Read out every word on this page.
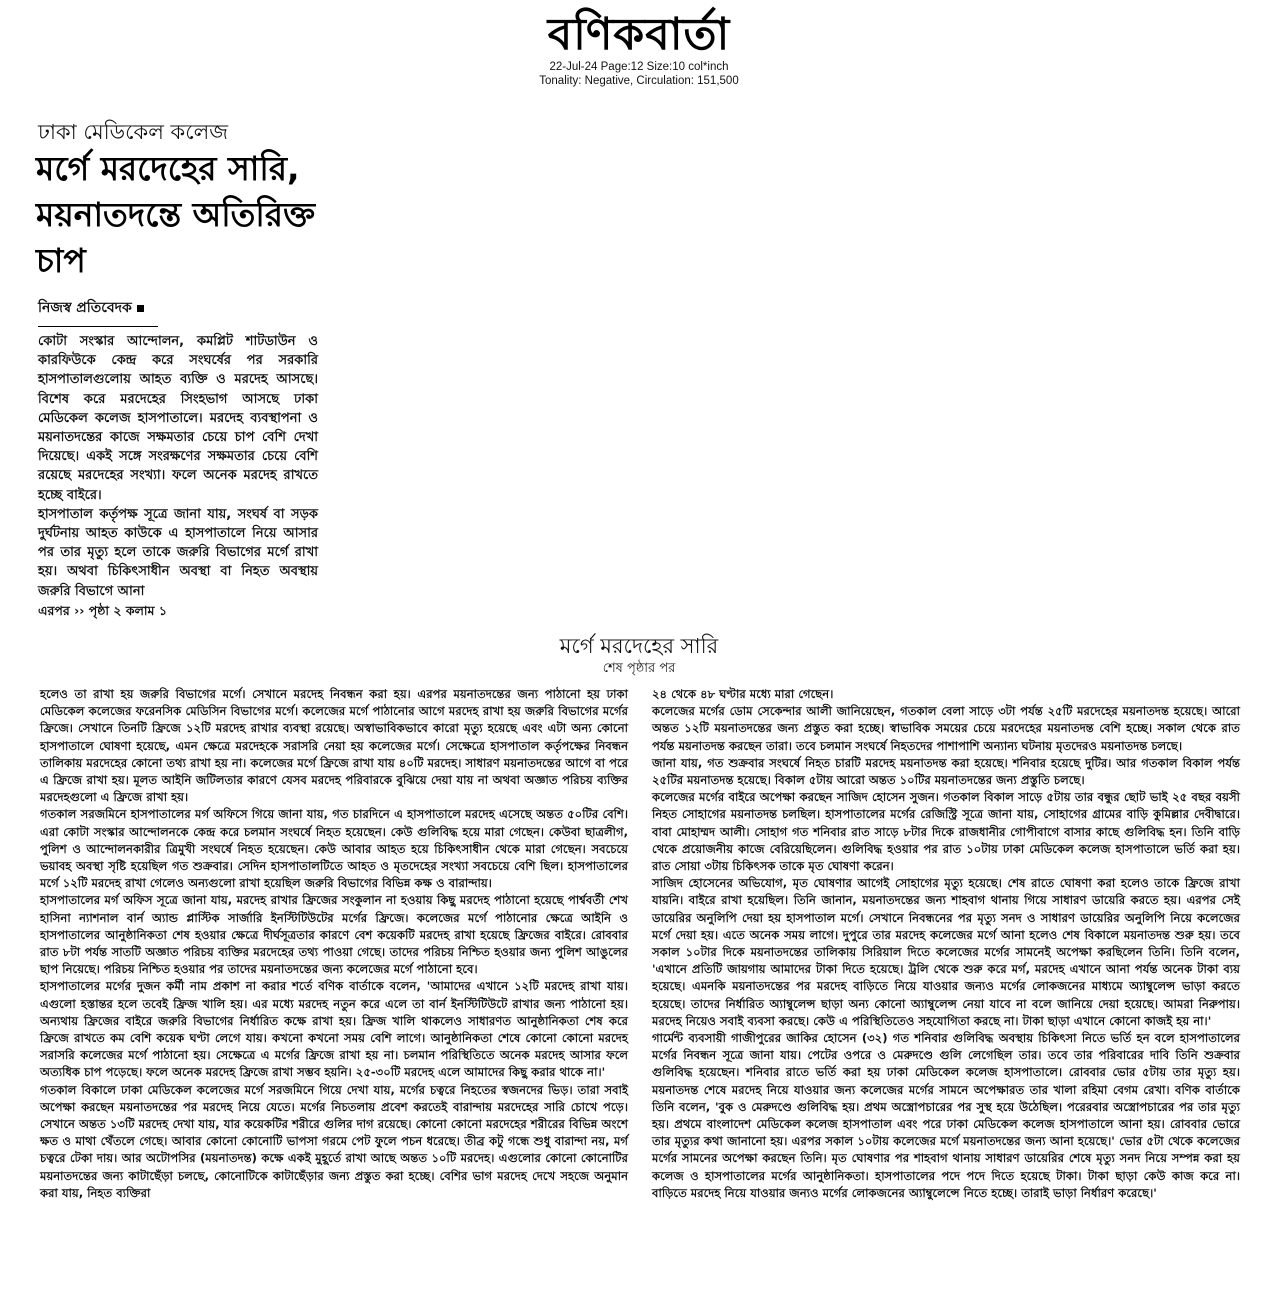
বণিকবার্তা
22-Jul-24 Page:12 Size:10 col*inch
Tonality: Negative, Circulation: 151,500
ঢাকা মেডিকেল কলেজ
মর্গে মরদেহের সারি, ময়নাতদন্তে অতিরিক্ত চাপ
নিজস্ব প্রতিবেদক

কোটা সংস্কার আন্দোলন, কমপ্লিট শাটডাউন ও কারফিউকে কেন্দ্র করে সংঘর্ষের পর সরকারি হাসপাতালগুলোয় আহত ব্যক্তি ও মরদেহ আসছে। বিশেষ করে মরদেহের সিংহভাগ আসছে ঢাকা মেডিকেল কলেজ হাসপাতালে। মরদেহ ব্যবস্থাপনা ও ময়নাতদন্তের কাজে সক্ষমতার চেয়ে চাপ বেশি দেখা দিয়েছে। একই সঙ্গে সংরক্ষণের সক্ষমতার চেয়ে বেশি রয়েছে মরদেহের সংখ্যা। ফলে অনেক মরদেহ রাখতে হচ্ছে বাইরে।

হাসপাতাল কর্তৃপক্ষ সূত্রে জানা যায়, সংঘর্ষ বা সড়ক দুর্ঘটনায় আহত কাউকে এ হাসপাতালে নিয়ে আসার পর তার মৃত্যু হলে তাকে জরুরি বিভাগের মর্গে রাখা হয়। অথবা চিকিৎসাধীন অবস্থা বা নিহত অবস্থায় জরুরি বিভাগে আনা

এরপর ›› পৃষ্ঠা ২ কলাম ১
মর্গে মরদেহের সারি
শেষ পৃষ্ঠার পর

হলেও তা রাখা হয় জরুরি বিভাগের মর্গে। সেখানে মরদেহ নিবন্ধন করা হয়। এরপর ময়নাতদন্তের জন্য পাঠানো হয় ঢাকা মেডিকেল কলেজের ফরেনসিক মেডিসিন বিভাগের মর্গে। কলেজের মর্গে পাঠানোর আগে মরদেহ রাখা হয় জরুরি বিভাগের মর্গের ফ্রিজে। সেখানে তিনটি ফ্রিজে ১২টি মরদেহ রাখার ব্যবস্থা রয়েছে। অস্বাভাবিকভাবে কারো মৃত্যু হয়েছে এবং এটা অন্য কোনো হাসপাতালে ঘোষণা হয়েছে, এমন ক্ষেত্রে মরদেহকে সরাসরি নেয়া হয় কলেজের মর্গে। সেক্ষেত্রে হাসপাতাল কর্তৃপক্ষের নিবন্ধন তালিকায় মরদেহের কোনো তথ্য রাখা হয় না। কলেজের মর্গে ফ্রিজে রাখা যায় ৪০টি মরদেহ। সাধারণ ময়নাতদন্তের আগে বা পরে এ ফ্রিজে রাখা হয়। মূলত আইনি জটিলতার কারণে যেসব মরদেহ পরিবারকে বুঝিয়ে দেয়া যায় না অথবা অজ্ঞাত পরিচয় ব্যক্তির মরদেহগুলো এ ফ্রিজে রাখা হয়।

গতকাল সরজমিনে হাসপাতালের মর্গ অফিসে গিয়ে জানা যায়, গত চারদিনে এ হাসপাতালে মরদেহ এসেছে অন্তত ৫০টির বেশি। এরা কোটা সংস্কার আন্দোলনকে কেন্দ্র করে চলমান সংঘর্ষে নিহত হয়েছেন। কেউ গুলিবিদ্ধ হয়ে মারা গেছেন। কেউবা ছাত্রলীগ, পুলিশ ও আন্দোলনকারীর ত্রিমুখী সংঘর্ষে নিহত হয়েছেন। কেউ আবার আহত হয়ে চিকিৎসাধীন থেকে মারা গেছেন। সবচেয়ে ভয়াবহ অবস্থা সৃষ্টি হয়েছিল গত শুক্রবার। সেদিন হাসপাতালটিতে আহত ও মৃতদেহের সংখ্যা সবচেয়ে বেশি ছিল। হাসপাতালের মর্গে ১২টি মরদেহ রাখা গেলেও অন্যগুলো রাখা হয়েছিল জরুরি বিভাগের বিভিন্ন কক্ষ ও বারান্দায়।

হাসপাতালের মর্গ অফিস সূত্রে জানা যায়, মরদেহ রাখার ফ্রিজের সংকুলান না হওয়ায় কিছু মরদেহ পাঠানো হয়েছে পার্শ্ববর্তী শেখ হাসিনা ন্যাশনাল বার্ন অ্যান্ড প্লাস্টিক সার্জারি ইনস্টিটিউটের মর্গের ফ্রিজে। কলেজের মর্গে পাঠানোর ক্ষেত্রে আইনি ও হাসপাতালের আনুষ্ঠানিকতা শেষ হওয়ার ক্ষেত্রে দীর্ঘসূত্রতার কারণে বেশ কয়েকটি মরদেহ রাখা হয়েছে ফ্রিজের বাইরে। রোববার রাত ৮টা পর্যন্ত সাতটি অজ্ঞাত পরিচয় ব্যক্তির মরদেহের তথ্য পাওয়া গেছে। তাদের পরিচয় নিশ্চিত হওয়ার জন্য পুলিশ আঙুলের ছাপ নিয়েছে। পরিচয় নিশ্চিত হওয়ার পর তাদের ময়নাতদন্তের জন্য কলেজের মর্গে পাঠানো হবে।

হাসপাতালের মর্গের দুজন কর্মী নাম প্রকাশ না করার শর্তে বণিক বার্তাকে বলেন, 'আমাদের এখানে ১২টি মরদেহ রাখা যায়। এগুলো হস্তান্তর হলে তবেই ফ্রিজ খালি হয়। এর মধ্যে মরদেহ নতুন করে এলে তা বার্ন ইনস্টিটিউটে রাখার জন্য পাঠানো হয়। অন্যথায় ফ্রিজের বাইরে জরুরি বিভাগের নির্ধারিত কক্ষে রাখা হয়। ফ্রিজ খালি থাকলেও সাধারণত আনুষ্ঠানিকতা শেষ করে ফ্রিজে রাখতে কম বেশি কয়েক ঘণ্টা লেগে যায়। কখনো কখনো সময় বেশি লাগে। আনুষ্ঠানিকতা শেষে কোনো কোনো মরদেহ সরাসরি কলেজের মর্গে পাঠানো হয়। সেক্ষেত্রে এ মর্গের ফ্রিজে রাখা হয় না। চলমান পরিস্থিতিতে অনেক মরদেহ আসার ফলে অত্যধিক চাপ পড়েছে। ফলে অনেক মরদেহ ফ্রিজে রাখা সম্ভব হয়নি। ২৫-৩০টি মরদেহ এলে আমাদের কিছু করার থাকে না।'

গতকাল বিকালে ঢাকা মেডিকেল কলেজের মর্গে সরজমিনে গিয়ে দেখা যায়, মর্গের চত্বরে নিহতের স্বজনদের ভিড়। তারা সবাই অপেক্ষা করছেন ময়নাতদন্তের পর মরদেহ নিয়ে যেতে। মর্গের নিচতলায় প্রবেশ করতেই বারান্দায় মরদেহের সারি চোখে পড়ে। সেখানে অন্তত ১৩টি মরদেহ দেখা যায়, যার কয়েকটির শরীরে গুলির দাগ রয়েছে। কোনো কোনো মরদেহের শরীরের বিভিন্ন অংশে ক্ষত ও মাথা থেঁতলে গেছে। আবার কোনো কোনোটি ভাপসা গরমে পেট ফুলে পচন ধরেছে। তীব্র কটু গন্ধে শুধু বারান্দা নয়, মর্গ চত্বরে টেকা দায়। আর অটোপসির (ময়নাতদন্ত) কক্ষে একই মুহূর্তে রাখা আছে অন্তত ১০টি মরদেহ। এগুলোর কোনো কোনোটির ময়নাতদন্তের জন্য কাটাছেঁড়া চলছে, কোনোটিকে কাটাছেঁড়ার জন্য প্রস্তুত করা হচ্ছে। বেশির ভাগ মরদেহ দেখে সহজে অনুমান করা যায়, নিহত ব্যক্তিরা

২৪ থেকে ৪৮ ঘণ্টার মধ্যে মারা গেছেন।

কলেজের মর্গের ডোম সেকেন্দার আলী জানিয়েছেন, গতকাল বেলা সাড়ে ৩টা পর্যন্ত ২৫টি মরদেহের ময়নাতদন্ত হয়েছে। আরো অন্তত ১২টি ময়নাতদন্তের জন্য প্রস্তুত করা হচ্ছে। স্বাভাবিক সময়ের চেয়ে মরদেহের ময়নাতদন্ত বেশি হচ্ছে। সকাল থেকে রাত পর্যন্ত ময়নাতদন্ত করছেন তারা। তবে চলমান সংঘর্ষে নিহতদের পাশাপাশি অন্যান্য ঘটনায় মৃতদেরও ময়নাতদন্ত চলছে।

জানা যায়, গত শুক্রবার সংঘর্ষে নিহত চারটি মরদেহ ময়নাতদন্ত করা হয়েছে। শনিবার হয়েছে দুটির। আর গতকাল বিকাল পর্যন্ত ২৫টির ময়নাতদন্ত হয়েছে। বিকাল ৫টায় আরো অন্তত ১০টির ময়নাতদন্তের জন্য প্রস্তুতি চলছে।

কলেজের মর্গের বাইরে অপেক্ষা করছেন সাজিদ হোসেন সুজন। গতকাল বিকাল সাড়ে ৫টায় তার বন্ধুর ছোট ভাই ২৫ বছর বয়সী নিহত সোহাগের ময়নাতদন্ত চলছিল। হাসপাতালের মর্গের রেজিস্ট্রি সূত্রে জানা যায়, সোহাগের গ্রামের বাড়ি কুমিল্লার দেবীদ্বারে। বাবা মোহাম্মদ আলী। সোহাগ গত শনিবার রাত সাড়ে ৮টার দিকে রাজধানীর গোপীবাগে বাসার কাছে গুলিবিদ্ধ হন। তিনি বাড়ি থেকে প্রয়োজনীয় কাজে বেরিয়েছিলেন। গুলিবিদ্ধ হওয়ার পর রাত ১০টায় ঢাকা মেডিকেল কলেজ হাসপাতালে ভর্তি করা হয়। রাত সোয়া ৩টায় চিকিৎসক তাকে মৃত ঘোষণা করেন।

সাজিদ হোসেনের অভিযোগ, মৃত ঘোষণার আগেই সোহাগের মৃত্যু হয়েছে। শেষ রাতে ঘোষণা করা হলেও তাকে ফ্রিজে রাখা যায়নি। বাইরে রাখা হয়েছিল। তিনি জানান, ময়নাতদন্তের জন্য শাহবাগ থানায় গিয়ে সাধারণ ডায়েরি করতে হয়। এরপর সেই ডায়েরির অনুলিপি দেয়া হয় হাসপাতাল মর্গে। সেখানে নিবন্ধনের পর মৃত্যু সনদ ও সাধারণ ডায়েরির অনুলিপি নিয়ে কলেজের মর্গে দেয়া হয়। এতে অনেক সময় লাগে। দুপুরে তার মরদেহ কলেজের মর্গে আনা হলেও শেষ বিকালে ময়নাতদন্ত শুরু হয়। তবে সকাল ১০টার দিকে ময়নাতদন্তের তালিকায় সিরিয়াল দিতে কলেজের মর্গের সামনেই অপেক্ষা করছিলেন তিনি। তিনি বলেন, 'এখানে প্রতিটি জায়গায় আমাদের টাকা দিতে হয়েছে। ট্রলি থেকে শুরু করে মর্গ, মরদেহ এখানে আনা পর্যন্ত অনেক টাকা ব্যয় হয়েছে। এমনকি ময়নাতদন্তের পর মরদেহ বাড়িতে নিয়ে যাওয়ার জন্যও মর্গের লোকজনের মাধ্যমে অ্যাম্বুলেন্স ভাড়া করতে হয়েছে। তাদের নির্ধারিত অ্যাম্বুলেন্স ছাড়া অন্য কোনো অ্যাম্বুলেন্স নেয়া যাবে না বলে জানিয়ে দেয়া হয়েছে। আমরা নিরুপায়। মরদেহ নিয়েও সবাই ব্যবসা করছে। কেউ এ পরিস্থিতিতেও সহযোগিতা করছে না। টাকা ছাড়া এখানে কোনো কাজই হয় না।'

গার্মেন্ট ব্যবসায়ী গাজীপুরের জাকির হোসেন (৩২) গত শনিবার গুলিবিদ্ধ অবস্থায় চিকিৎসা নিতে ভর্তি হন বলে হাসপাতালের মর্গের নিবন্ধন সূত্রে জানা যায়। পেটের ওপরে ও মেরুদণ্ডে গুলি লেগেছিল তার। তবে তার পরিবারের দাবি তিনি শুক্রবার গুলিবিদ্ধ হয়েছেন। শনিবার রাতে ভর্তি করা হয় ঢাকা মেডিকেল কলেজ হাসপাতালে। রোববার ভোর ৫টায় তার মৃত্যু হয়। ময়নাতদন্ত শেষে মরদেহ নিয়ে যাওয়ার জন্য কলেজের মর্গের সামনে অপেক্ষারত তার খালা রহিমা বেগম রেখা। বণিক বার্তাকে তিনি বলেন, 'বুক ও মেরুদণ্ডে গুলিবিদ্ধ হয়। প্রথম অস্ত্রোপচারের পর সুস্থ হয়ে উঠেছিল। পরেরবার অস্ত্রোপচারের পর তার মৃত্যু হয়। প্রথমে বাংলাদেশ মেডিকেল কলেজ হাসপাতাল এবং পরে ঢাকা মেডিকেল কলেজ হাসপাতালে আনা হয়। রোববার ভোরে তার মৃত্যুর কথা জানানো হয়। এরপর সকাল ১০টায় কলেজের মর্গে ময়নাতদন্তের জন্য আনা হয়েছে।' ভোর ৫টা থেকে কলেজের মর্গের সামনের অপেক্ষা করছেন তিনি। মৃত ঘোষণার পর শাহবাগ থানায় সাধারণ ডায়েরির শেষে মৃত্যু সনদ নিয়ে সম্পন্ন করা হয় কলেজ ও হাসপাতালের মর্গের আনুষ্ঠানিকতা। হাসপাতালের পদে পদে দিতে হয়েছে টাকা। টাকা ছাড়া কেউ কাজ করে না। বাড়িতে মরদেহ নিয়ে যাওয়ার জন্যও মর্গের লোকজনের অ্যাম্বুলেন্সে নিতে হচ্ছে। তারাই ভাড়া নির্ধারণ করেছে।'
